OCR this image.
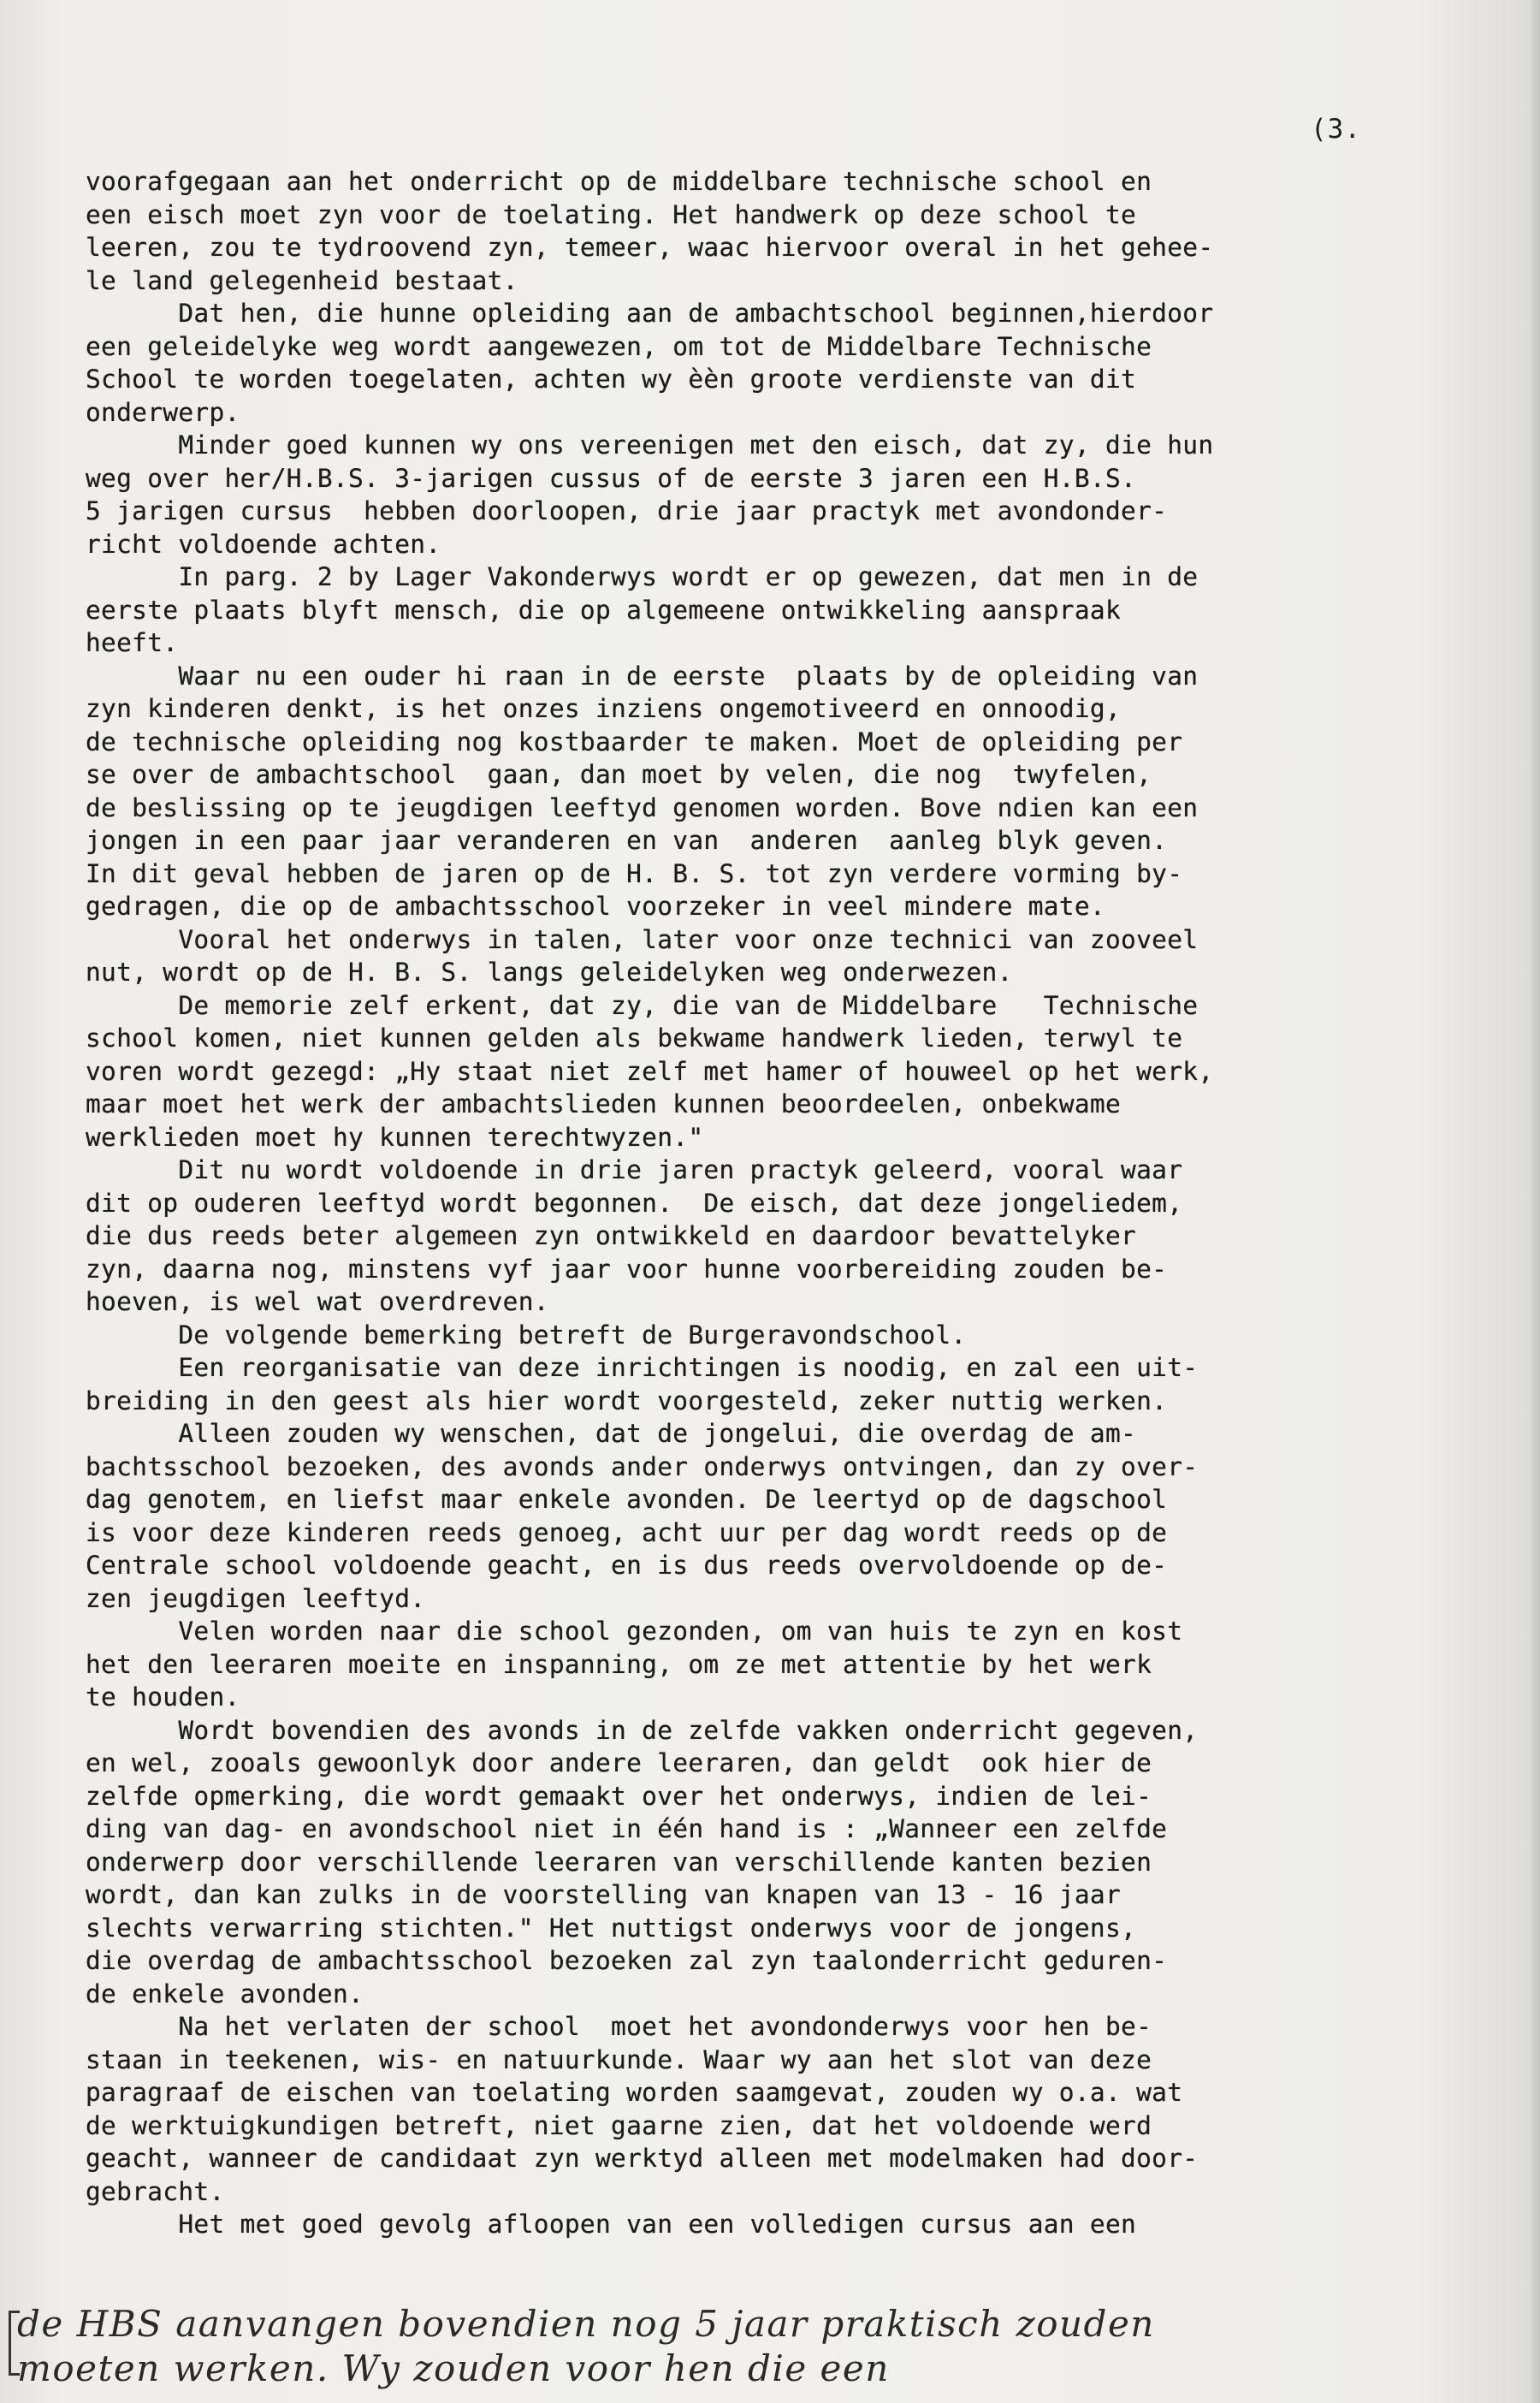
(3.

voorafgegaan aan het onderricht op de middelbare technische school en

een eisch moet zyn voor de toelating. Het handwerk op deze school te

leeren, zou te tydroovend zyn, temeer, waac hiervoor overal in het gehee-

le land gelegenheid bestaat.

Dat hen, die hunne opleiding aan de ambachtschool beginnen,hierdoor

een geleidelyke weg wordt aangewezen, om tot de Middelbare Technische

School te worden toegelaten, achten wy èèn groote verdienste van dit

onderwerp.

Minder goed kunnen wy ons vereenigen met den eisch, dat zy, die hun

weg over her/H.B.S. 3-jarigen cussus of de eerste 3 jaren een H.B.S.

5 jarigen cursus  hebben doorloopen, drie jaar practyk met avondonder-

richt voldoende achten.

In parg. 2 by Lager Vakonderwys wordt er op gewezen, dat men in de

eerste plaats blyft mensch, die op algemeene ontwikkeling aanspraak

heeft.

Waar nu een ouder hi raan in de eerste  plaats by de opleiding van

zyn kinderen denkt, is het onzes inziens ongemotiveerd en onnoodig,

de technische opleiding nog kostbaarder te maken. Moet de opleiding per

se over de ambachtschool  gaan, dan moet by velen, die nog  twyfelen,

de beslissing op te jeugdigen leeftyd genomen worden. Bove ndien kan een

jongen in een paar jaar veranderen en van  anderen  aanleg blyk geven.

In dit geval hebben de jaren op de H. B. S. tot zyn verdere vorming by-

gedragen, die op de ambachtsschool voorzeker in veel mindere mate.

Vooral het onderwys in talen, later voor onze technici van zooveel

nut, wordt op de H. B. S. langs geleidelyken weg onderwezen.

De memorie zelf erkent, dat zy, die van de Middelbare   Technische

school komen, niet kunnen gelden als bekwame handwerk lieden, terwyl te

voren wordt gezegd: „Hy staat niet zelf met hamer of houweel op het werk,

maar moet het werk der ambachtslieden kunnen beoordeelen, onbekwame

werklieden moet hy kunnen terechtwyzen."

Dit nu wordt voldoende in drie jaren practyk geleerd, vooral waar

dit op ouderen leeftyd wordt begonnen.  De eisch, dat deze jongeliedem,

die dus reeds beter algemeen zyn ontwikkeld en daardoor bevattelyker

zyn, daarna nog, minstens vyf jaar voor hunne voorbereiding zouden be-

hoeven, is wel wat overdreven.

De volgende bemerking betreft de Burgeravondschool.

Een reorganisatie van deze inrichtingen is noodig, en zal een uit-

breiding in den geest als hier wordt voorgesteld, zeker nuttig werken.

Alleen zouden wy wenschen, dat de jongelui, die overdag de am-

bachtsschool bezoeken, des avonds ander onderwys ontvingen, dan zy over-

dag genotem, en liefst maar enkele avonden. De leertyd op de dagschool

is voor deze kinderen reeds genoeg, acht uur per dag wordt reeds op de

Centrale school voldoende geacht, en is dus reeds overvoldoende op de-

zen jeugdigen leeftyd.

Velen worden naar die school gezonden, om van huis te zyn en kost

het den leeraren moeite en inspanning, om ze met attentie by het werk

te houden.

Wordt bovendien des avonds in de zelfde vakken onderricht gegeven,

en wel, zooals gewoonlyk door andere leeraren, dan geldt  ook hier de

zelfde opmerking, die wordt gemaakt over het onderwys, indien de lei-

ding van dag- en avondschool niet in één hand is : „Wanneer een zelfde

onderwerp door verschillende leeraren van verschillende kanten bezien

wordt, dan kan zulks in de voorstelling van knapen van 13 - 16 jaar

slechts verwarring stichten." Het nuttigst onderwys voor de jongens,

die overdag de ambachtsschool bezoeken zal zyn taalonderricht geduren-

de enkele avonden.

Na het verlaten der school  moet het avondonderwys voor hen be-

staan in teekenen, wis- en natuurkunde. Waar wy aan het slot van deze

paragraaf de eischen van toelating worden saamgevat, zouden wy o.a. wat

de werktuigkundigen betreft, niet gaarne zien, dat het voldoende werd

geacht, wanneer de candidaat zyn werktyd alleen met modelmaken had door-

gebracht.

Het met goed gevolg afloopen van een volledigen cursus aan een

de HBS aanvangen bovendien nog 5 jaar praktisch zouden

moeten werken. Wy zouden voor hen die een
